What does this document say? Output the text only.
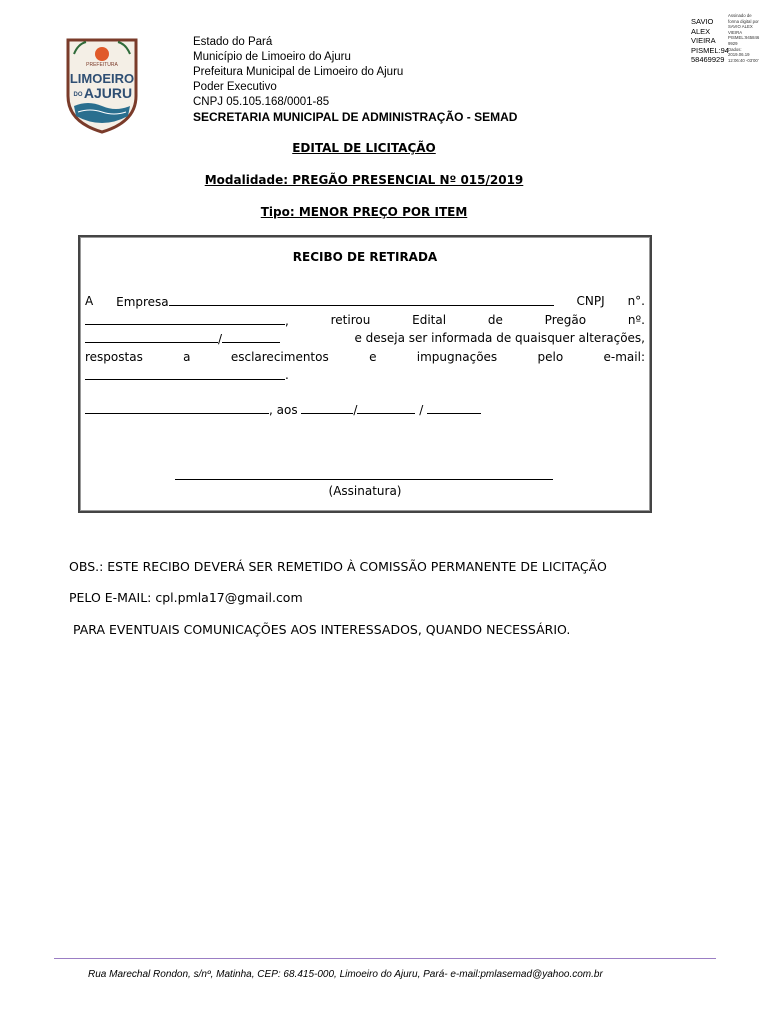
PREFEITURA
LIMOEIRO
DO AJURU
Estado do Pará
Município de Limoeiro do Ajuru
Prefeitura Municipal de Limoeiro do Ajuru
Poder Executivo
CNPJ 05.105.168/0001-85
SECRETARIA MUNICIPAL DE ADMINISTRAÇÃO - SEMAD
SAVIO
ALEX
VIEIRA
PISMEL:94
58469929
Assinado de
forma digital por
SAVIO ALEX
VIEIRA
PISMEL:945846
9929
Dados:
2019.06.19
12:06:40 -03'00'
EDITAL DE LICITAÇÃO
Modalidade: PREGÃO PRESENCIAL Nº 015/2019
Tipo: MENOR PREÇO POR ITEM
RECIBO DE RETIRADA
A Empresa	CNPJ n°.
,	retirou	Edital	de	Pregão	nº.
/	e deseja ser informada de quaisquer alterações,
respostas	a	esclarecimentos	e	impugnações	pelo	e-mail:
.
, aos	/	/
(Assinatura)
OBS.: ESTE RECIBO DEVERÁ SER REMETIDO À COMISSÃO PERMANENTE DE LICITAÇÃO
PELO E-MAIL: cpl.pmla17@gmail.com
PARA EVENTUAIS COMUNICAÇÕES AOS INTERESSADOS, QUANDO NECESSÁRIO.
Rua Marechal Rondon, s/nº, Matinha, CEP: 68.415-000, Limoeiro do Ajuru, Pará- e-mail:pmlasemad@yahoo.com.br
